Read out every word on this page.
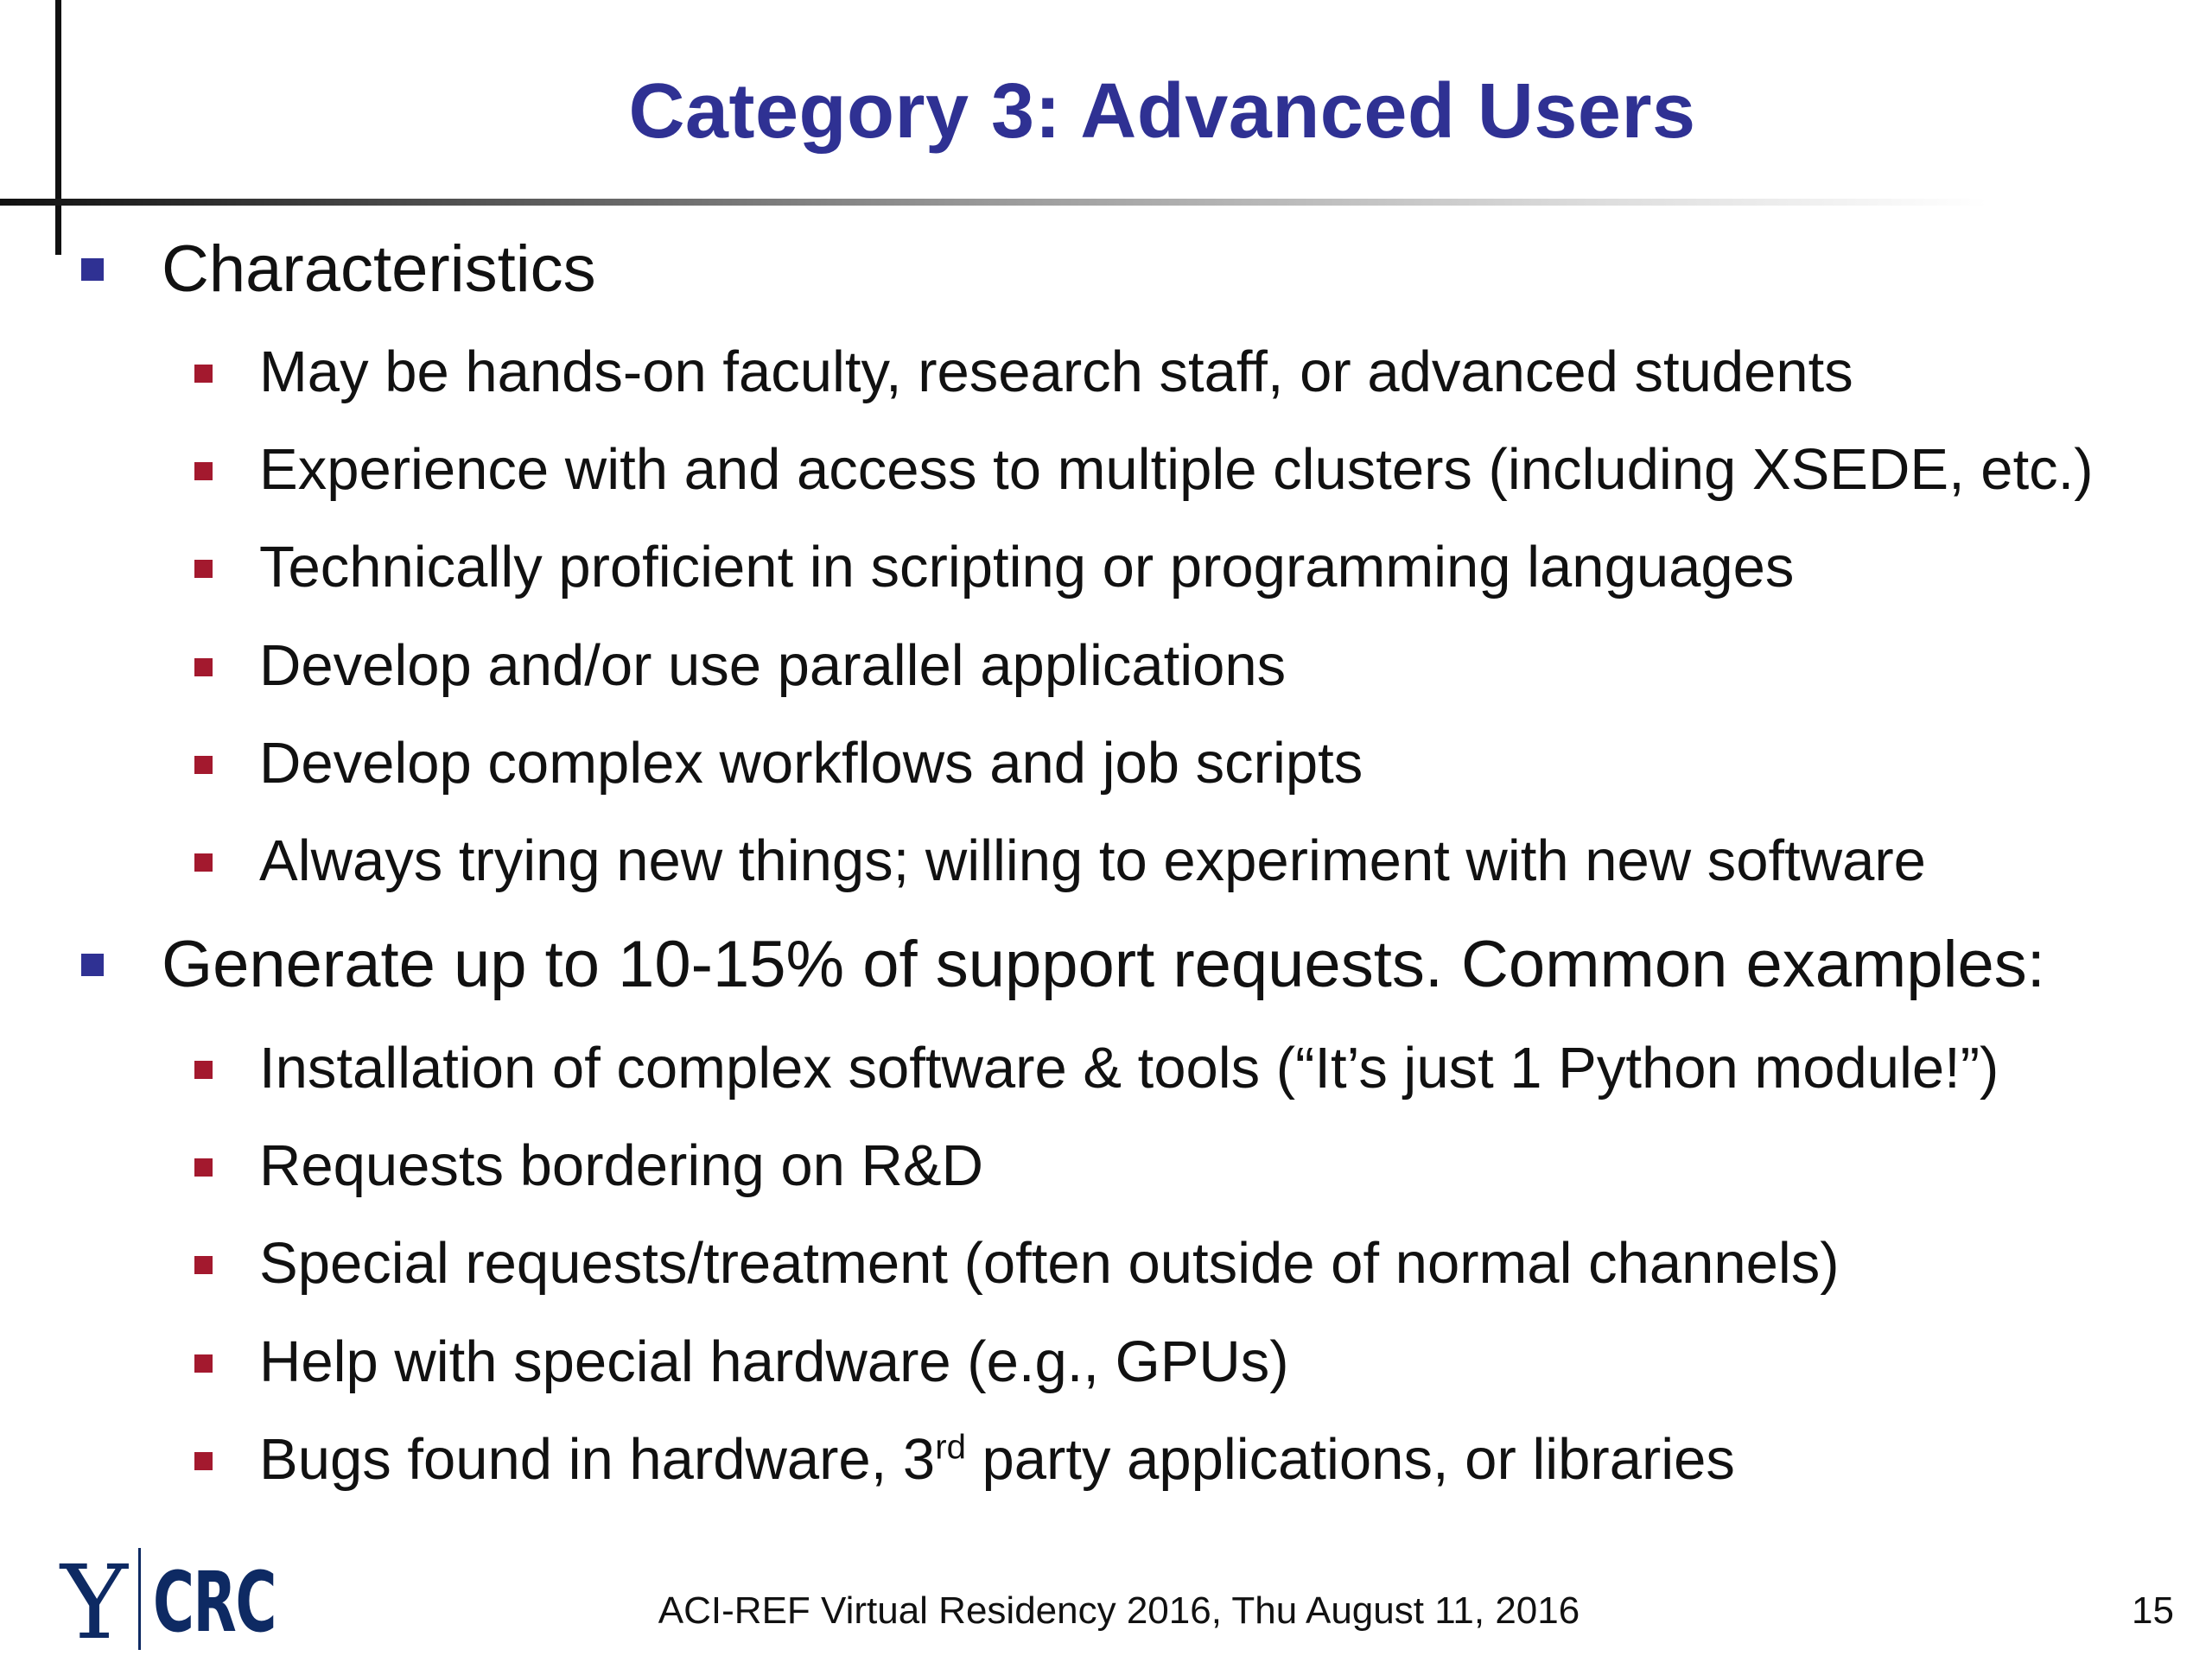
Category 3: Advanced Users
Characteristics
May be hands-on faculty, research staff, or advanced students
Experience with and access to multiple clusters (including XSEDE, etc.)
Technically proficient in scripting or programming languages
Develop and/or use parallel applications
Develop complex workflows and job scripts
Always trying new things; willing to experiment with new software
Generate up to 10-15% of support requests. Common examples:
Installation of complex software & tools (“It’s just 1 Python module!”)
Requests bordering on R&D
Special requests/treatment (often outside of normal channels)
Help with special hardware (e.g., GPUs)
Bugs found in hardware, 3rd party applications, or libraries
Y CRC	ACI-REF Virtual Residency 2016, Thu August 11, 2016	15
